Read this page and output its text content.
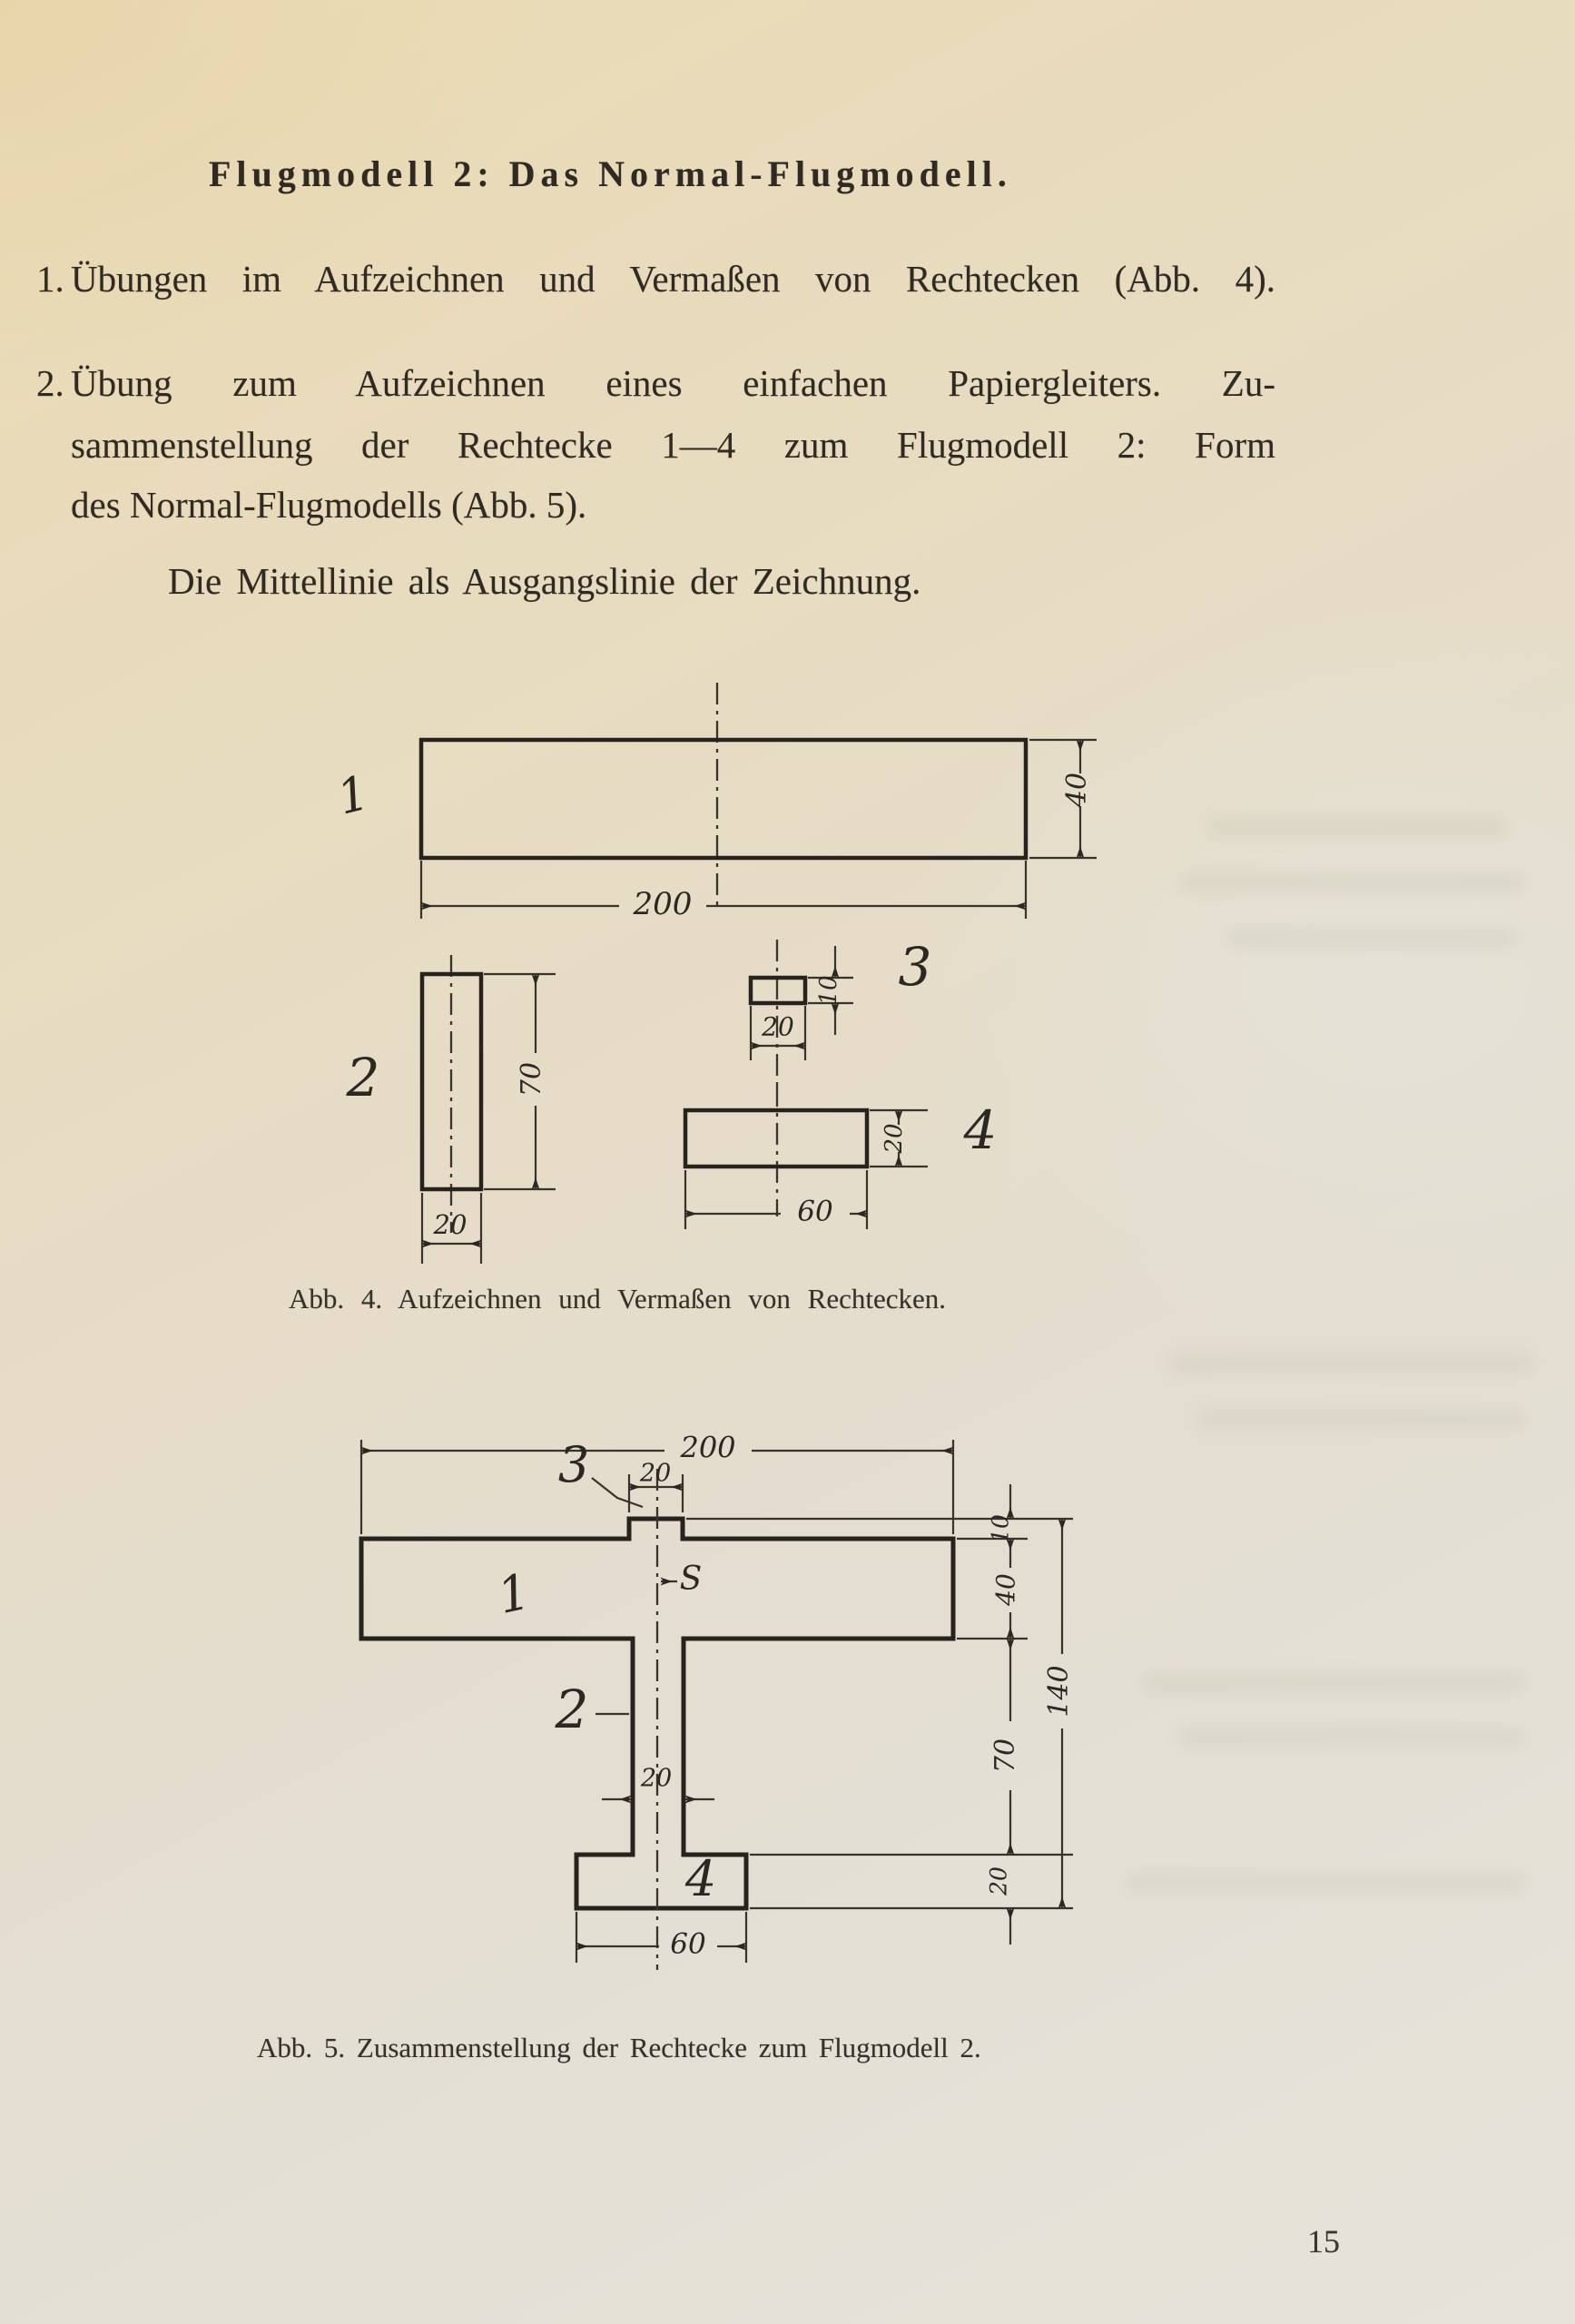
Flugmodell 2: Das Normal-Flugmodell.
1. Übungen im Aufzeichnen und Vermaßen von Rechtecken (Abb. 4).
2. Übung zum Aufzeichnen eines einfachen Papiergleiters. Zu-
sammenstellung der Rechtecke 1—4 zum Flugmodell 2: Form
des Normal-Flugmodells (Abb. 5).
Die Mittellinie als Ausgangslinie der Zeichnung.
200
40
1
70
20
2
20
10 3
60
20 4
Abb. 4. Aufzeichnen und Vermaßen von Rechtecken.
200
20
3
S
1
2
4
10
40
70
20
140
20
60
Abb. 5. Zusammenstellung der Rechtecke zum Flugmodell 2.
15
